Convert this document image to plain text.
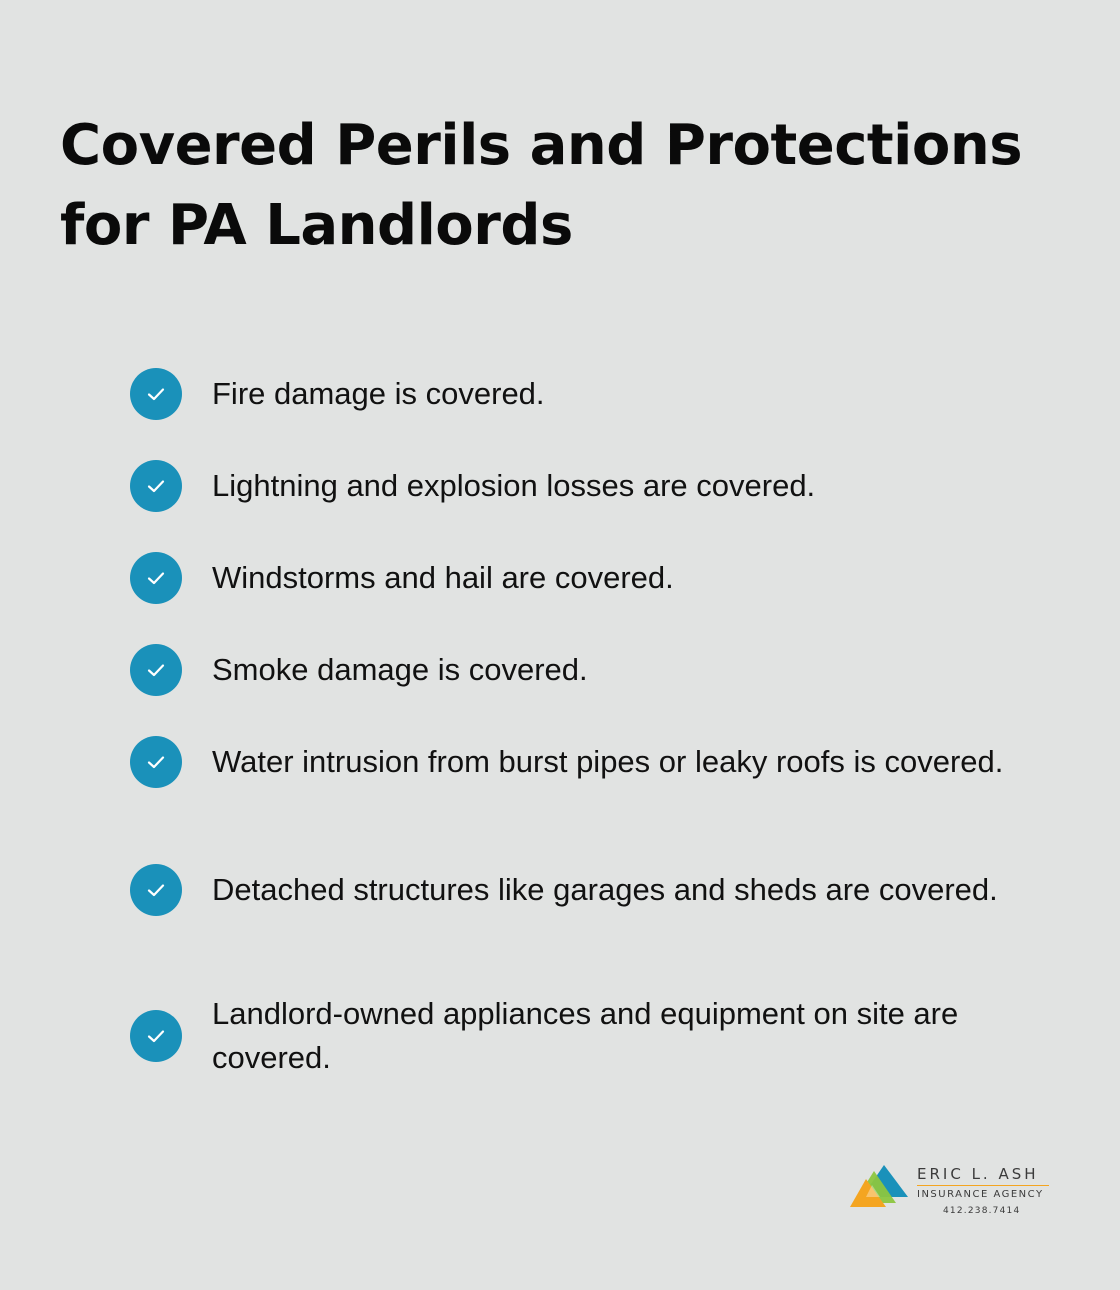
Covered Perils and Protections for PA Landlords
Fire damage is covered.
Lightning and explosion losses are covered.
Windstorms and hail are covered.
Smoke damage is covered.
Water intrusion from burst pipes or leaky roofs is covered.
Detached structures like garages and sheds are covered.
Landlord-owned appliances and equipment on site are covered.
ERIC L. ASH
INSURANCE AGENCY
412.238.7414
